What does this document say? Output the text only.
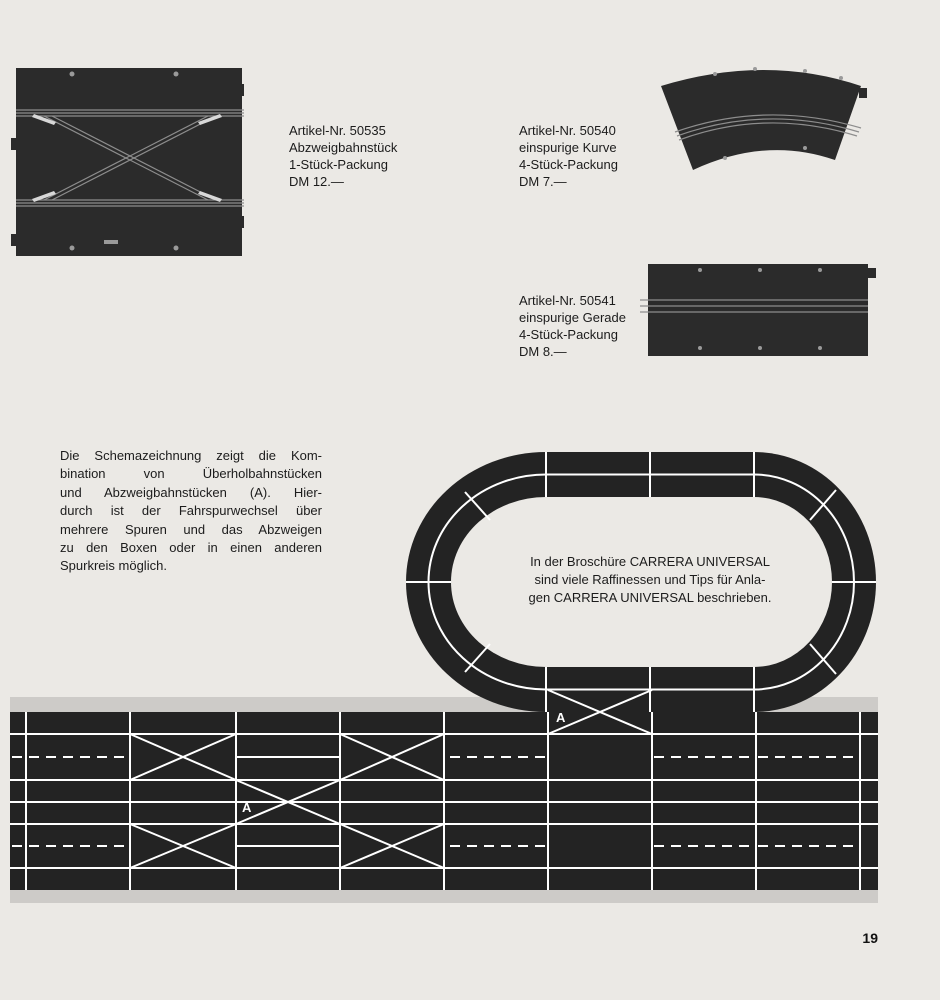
Artikel-Nr. 50535
Abzweigbahnstück
1-Stück-Packung
DM 12.—
Artikel-Nr. 50540
einspurige Kurve
4-Stück-Packung
DM 7.—
Artikel-Nr. 50541
einspurige Gerade
4-Stück-Packung
DM 8.—
Die Schemazeichnung zeigt die Kom-
bination von Überholbahnstücken
und Abzweigbahnstücken (A). Hier-
durch ist der Fahrspurwechsel über
mehrere Spuren und das Abzweigen
zu den Boxen oder in einen anderen
Spurkreis möglich.
A
A
In der Broschüre CARRERA UNIVERSAL
sind viele Raffinessen und Tips für Anla-
gen CARRERA UNIVERSAL beschrieben.
19
